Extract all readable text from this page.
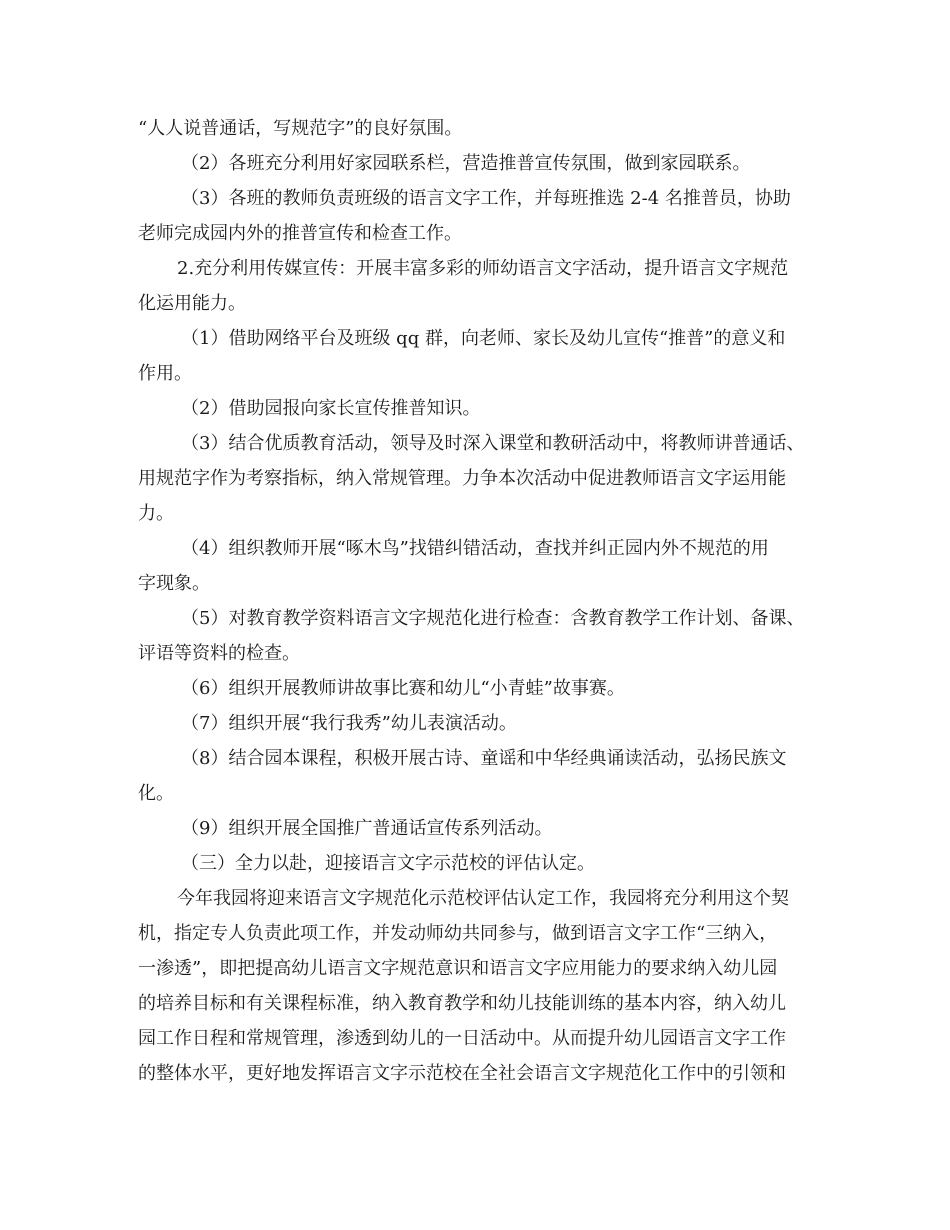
“人人说普通话，写规范字”的良好氛围。
（2）各班充分利用好家园联系栏，营造推普宣传氛围，做到家园联系。
（3）各班的教师负责班级的语言文字工作，并每班推选 2-4 名推普员，协助
老师完成园内外的推普宣传和检查工作。
2.充分利用传媒宣传：开展丰富多彩的师幼语言文字活动，提升语言文字规范
化运用能力。
（1）借助网络平台及班级 qq 群，向老师、家长及幼儿宣传“推普”的意义和
作用。
（2）借助园报向家长宣传推普知识。
（3）结合优质教育活动，领导及时深入课堂和教研活动中，将教师讲普通话、
用规范字作为考察指标，纳入常规管理。力争本次活动中促进教师语言文字运用能
力。
（4）组织教师开展“啄木鸟”找错纠错活动，查找并纠正园内外不规范的用
字现象。
（5）对教育教学资料语言文字规范化进行检查：含教育教学工作计划、备课、
评语等资料的检查。
（6）组织开展教师讲故事比赛和幼儿“小青蛙”故事赛。
（7）组织开展“我行我秀”幼儿表演活动。
（8）结合园本课程，积极开展古诗、童谣和中华经典诵读活动，弘扬民族文
化。
（9）组织开展全国推广普通话宣传系列活动。
（三）全力以赴，迎接语言文字示范校的评估认定。
今年我园将迎来语言文字规范化示范校评估认定工作，我园将充分利用这个契
机，指定专人负责此项工作，并发动师幼共同参与，做到语言文字工作“三纳入，
一渗透”，即把提高幼儿语言文字规范意识和语言文字应用能力的要求纳入幼儿园
的培养目标和有关课程标准，纳入教育教学和幼儿技能训练的基本内容，纳入幼儿
园工作日程和常规管理，渗透到幼儿的一日活动中。从而提升幼儿园语言文字工作
的整体水平，更好地发挥语言文字示范校在全社会语言文字规范化工作中的引领和
